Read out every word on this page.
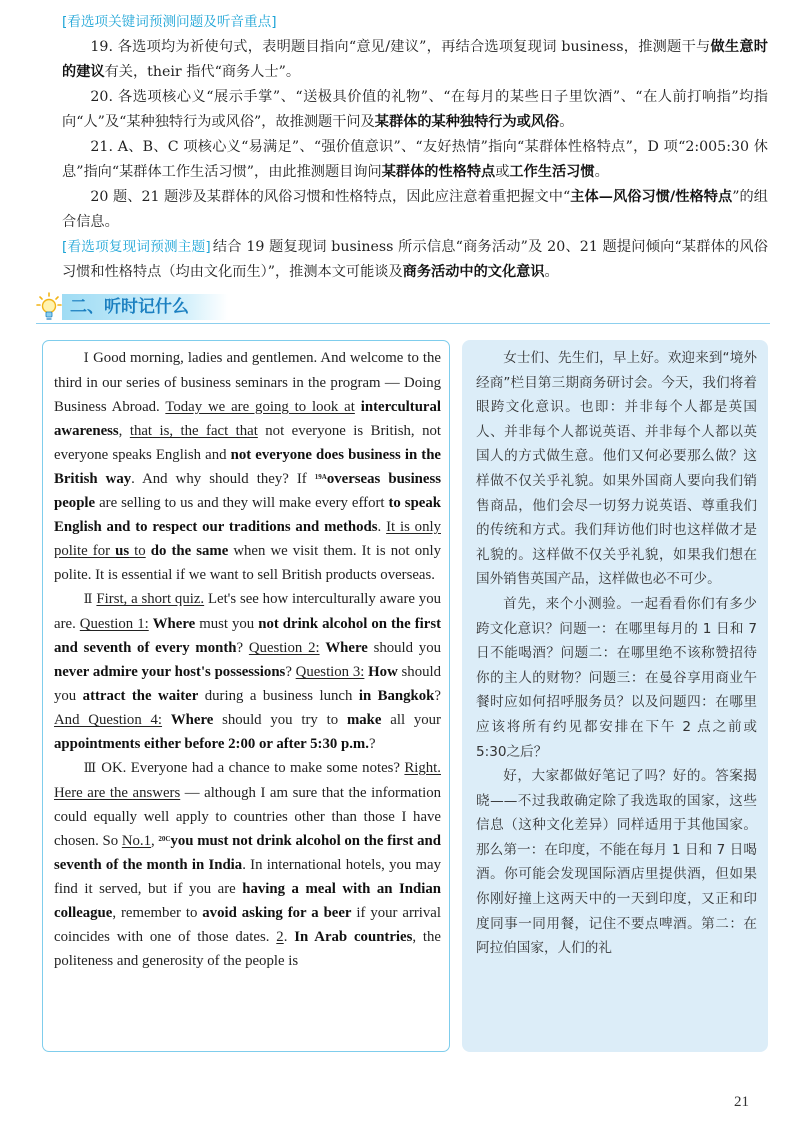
[看选项关键词预测问题及听音重点]

19. 各选项均为祈使句式，表明题目指向“意见/建议”，再结合选项复现词 business，推测题干与做生意时的建议有关，their 指代“商务人士”。

20. 各选项核心义“展示手掌”、“送极具价值的礼物”、“在每月的某些日子里饮酒”、“在人前打响指”均指向“人”及“某种独特行为或风俗”，故推测题干问及某群体的某种独特行为或风俗。

21. A、B、C 项核心义“易满足”、“强价值意识”、“友好热情”指向“某群体性格特点”，D 项“2:005:30 休息”指向“某群体工作生活习惯”，由此推测题目询问某群体的性格特点或工作生活习惯。

20 题、21 题涉及某群体的风俗习惯和性格特点，因此应注意着重把握文中“主体—风俗习惯/性格特点”的组合信息。

[看选项复现词预测主题] 结合 19 题复现词 business 所示信息“商务活动”及 20、21 题提问倾向“某群体的风俗习惯和性格特点（均由文化而生）”，推测本文可能谈及商务活动中的文化意识。

二、听时记什么

Ⅰ Good morning, ladies and gentlemen. And welcome to the third in our series of business seminars in the program — Doing Business Abroad. Today we are going to look at intercultural awareness, that is, the fact that not everyone is British, not everyone speaks English and not everyone does business in the British way. And why should they? If $^{19A}$overseas business people are selling to us and they will make every effort to speak English and to respect our traditions and methods. It is only polite for us to do the same when we visit them. It is not only polite. It is essential if we want to sell British products overseas.

Ⅱ First, a short quiz. Let's see how interculturally aware you are. Question 1: Where must you not drink alcohol on the first and seventh of every month? Question 2: Where should you never admire your host's possessions? Question 3: How should you attract the waiter during a business lunch in Bangkok? And Question 4: Where should you try to make all your appointments either before 2:00 or after 5:30 p.m.?

Ⅲ OK. Everyone had a chance to make some notes? Right. Here are the answers — although I am sure that the information could equally well apply to countries other than those I have chosen. So No.1, $^{20C}$you must not drink alcohol on the first and seventh of the month in India. In international hotels, you may find it served, but if you are having a meal with an Indian colleague, remember to avoid asking for a beer if your arrival coincides with one of those dates. 2. In Arab countries, the politeness and generosity of the people is

女士们、先生们，早上好。欢迎来到“境外经商”栏目第三期商务研讨会。今天，我们将着眼跨文化意识。也即：并非每个人都是英国人、并非每个人都说英语、并非每个人都以英国人的方式做生意。他们又何必要那么做？这样做不仅关乎礼貌。如果外国商人要向我们销售商品，他们会尽一切努力说英语、尊重我们的传统和方式。我们拜访他们时也这样做才是礼貌的。这样做不仅关乎礼貌，如果我们想在国外销售英国产品，这样做也必不可少。

首先，来个小测验。一起看看你们有多少跨文化意识？问题一：在哪里每月的 1 日和 7 日不能喝酒？问题二：在哪里绝不该称赞招待你的主人的财物？问题三：在曼谷享用商业午餐时应如何招呼服务员？以及问题四：在哪里应该将所有约见都安排在下午 2 点之前或 5:30之后？

好，大家都做好笔记了吗？好的。答案揭晓——不过我敢确定除了我选取的国家，这些信息（这种文化差异）同样适用于其他国家。那么第一：在印度，不能在每月 1 日和 7 日喝酒。你可能会发现国际酒店里提供酒，但如果你刚好撞上这两天中的一天到印度，又正和印度同事一同用餐，记住不要点啤酒。第二：在阿拉伯国家，人们的礼

21
